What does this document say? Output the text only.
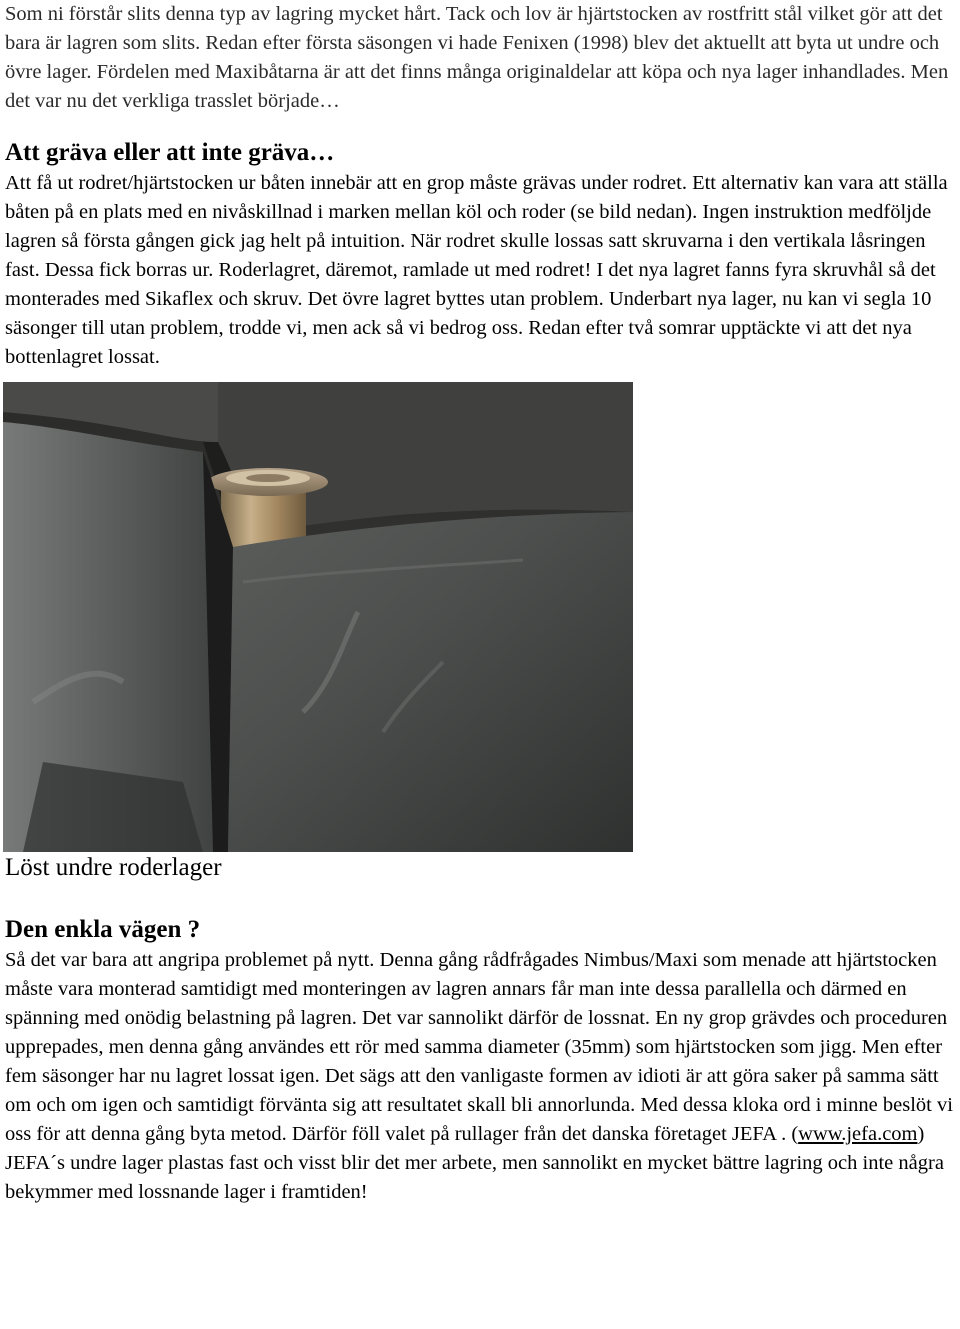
Som ni förstår slits denna typ av lagring mycket hårt. Tack och lov är hjärtstocken av rostfritt stål vilket gör att det bara är lagren som slits. Redan efter första säsongen vi hade Fenixen (1998) blev det aktuellt att byta ut undre och övre lager. Fördelen med Maxibåtarna är att det finns många originaldelar att köpa och nya lager inhandlades. Men det var nu det verkliga trasslet började…

Att gräva eller att inte gräva…

Att få ut rodret/hjärtstocken ur båten innebär att en grop måste grävas under rodret. Ett alternativ kan vara att ställa båten på en plats med en nivåskillnad i marken mellan köl och roder (se bild nedan). Ingen instruktion medföljde lagren så första gången gick jag helt på intuition. När rodret skulle lossas satt skruvarna i den vertikala låsringen fast. Dessa fick borras ur. Roderlagret, däremot, ramlade ut med rodret! I det nya lagret fanns fyra skruvhål så det monterades med Sikaflex och skruv. Det övre lagret byttes utan problem. Underbart nya lager, nu kan vi segla 10 säsonger till utan problem, trodde vi, men ack så vi bedrog oss. Redan efter två somrar upptäckte vi att det nya bottenlagret lossat.

Löst undre roderlager
Den enkla vägen ?

Så det var bara att angripa problemet på nytt. Denna gång rådfrågades Nimbus/Maxi som menade att hjärtstocken måste vara monterad samtidigt med monteringen av lagren annars får man inte dessa parallella och därmed en spänning med onödig belastning på lagren. Det var sannolikt därför de lossnat. En ny grop grävdes och proceduren upprepades, men denna gång användes ett rör med samma diameter (35mm) som hjärtstocken som jigg. Men efter fem säsonger har nu lagret lossat igen. Det sägs att den vanligaste formen av idioti är att göra saker på samma sätt om och om igen och samtidigt förvänta sig att resultatet skall bli annorlunda. Med dessa kloka ord i minne beslöt vi oss för att denna gång byta metod. Därför föll valet på rullager från det danska företaget JEFA . (www.jefa.com) JEFA´s undre lager plastas fast och visst blir det mer arbete, men sannolikt en mycket bättre lagring och inte några bekymmer med lossnande lager i framtiden!
